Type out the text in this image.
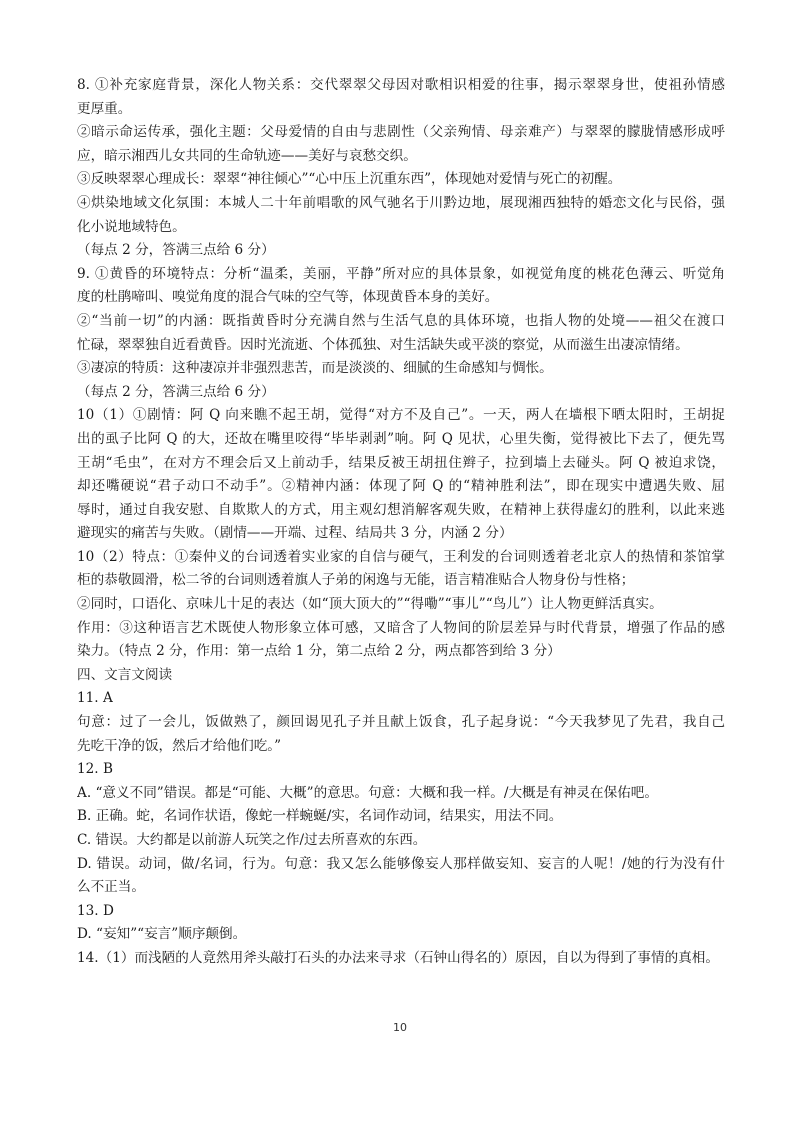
8. ①补充家庭背景，深化人物关系：交代翠翠父母因对歌相识相爱的往事，揭示翠翠身世，使祖孙情感
更厚重。
②暗示命运传承，强化主题：父母爱情的自由与悲剧性（父亲殉情、母亲难产）与翠翠的朦胧情感形成呼
应，暗示湘西儿女共同的生命轨迹——美好与哀愁交织。
③反映翠翠心理成长：翠翠“神往倾心”“心中压上沉重东西”，体现她对爱情与死亡的初醒。
④烘染地域文化氛围：本城人二十年前唱歌的风气驰名于川黔边地，展现湘西独特的婚恋文化与民俗，强
化小说地域特色。
（每点 2 分，答满三点给 6 分）
9. ①黄昏的环境特点：分析“温柔，美丽，平静”所对应的具体景象，如视觉角度的桃花色薄云、听觉角
度的杜鹃啼叫、嗅觉角度的混合气味的空气等，体现黄昏本身的美好。
②“当前一切”的内涵：既指黄昏时分充满自然与生活气息的具体环境，也指人物的处境——祖父在渡口
忙碌，翠翠独自近看黄昏。因时光流逝、个体孤独、对生活缺失或平淡的察觉，从而滋生出凄凉情绪。
③凄凉的特质：这种凄凉并非强烈悲苦，而是淡淡的、细腻的生命感知与惆怅。
（每点 2 分，答满三点给 6 分）
10（1）①剧情：阿 Q 向来瞧不起王胡，觉得“对方不及自己”。一天，两人在墙根下晒太阳时，王胡捉
出的虱子比阿 Q 的大，还故在嘴里咬得“毕毕剥剥”响。阿 Q 见状，心里失衡，觉得被比下去了，便先骂
王胡“毛虫”，在对方不理会后又上前动手，结果反被王胡扭住辫子，拉到墙上去碰头。阿 Q 被迫求饶，
却还嘴硬说“君子动口不动手”。②精神内涵：体现了阿 Q 的“精神胜利法”，即在现实中遭遇失败、屈
辱时，通过自我安慰、自欺欺人的方式，用主观幻想消解客观失败，在精神上获得虚幻的胜利，以此来逃
避现实的痛苦与失败。（剧情——开端、过程、结局共 3 分，内涵 2 分）
10（2）特点：①秦仲义的台词透着实业家的自信与硬气，王利发的台词则透着老北京人的热情和茶馆掌
柜的恭敬圆滑，松二爷的台词则透着旗人子弟的闲逸与无能，语言精准贴合人物身份与性格；
②同时，口语化、京味儿十足的表达（如“顶大顶大的”“得嘞”“事儿”“鸟儿”）让人物更鲜活真实。
作用：③这种语言艺术既使人物形象立体可感，又暗含了人物间的阶层差异与时代背景，增强了作品的感
染力。（特点 2 分，作用：第一点给 1 分，第二点给 2 分，两点都答到给 3 分）
四、文言文阅读
11. A
句意：过了一会儿，饭做熟了，颜回谒见孔子并且献上饭食，孔子起身说：“今天我梦见了先君，我自己
先吃干净的饭，然后才给他们吃。”
12. B
A. “意义不同”错误。都是“可能、大概”的意思。句意：大概和我一样。/大概是有神灵在保佑吧。
B. 正确。蛇，名词作状语，像蛇一样蜿蜒/实，名词作动词，结果实，用法不同。
C. 错误。大约都是以前游人玩笑之作/过去所喜欢的东西。
D. 错误。动词，做/名词，行为。句意：我又怎么能够像妄人那样做妄知、妄言的人呢！/她的行为没有什
么不正当。
13. D
D. “妄知”“妄言”顺序颠倒。
14.（1）而浅陋的人竟然用斧头敲打石头的办法来寻求（石钟山得名的）原因，自以为得到了事情的真相。
10
